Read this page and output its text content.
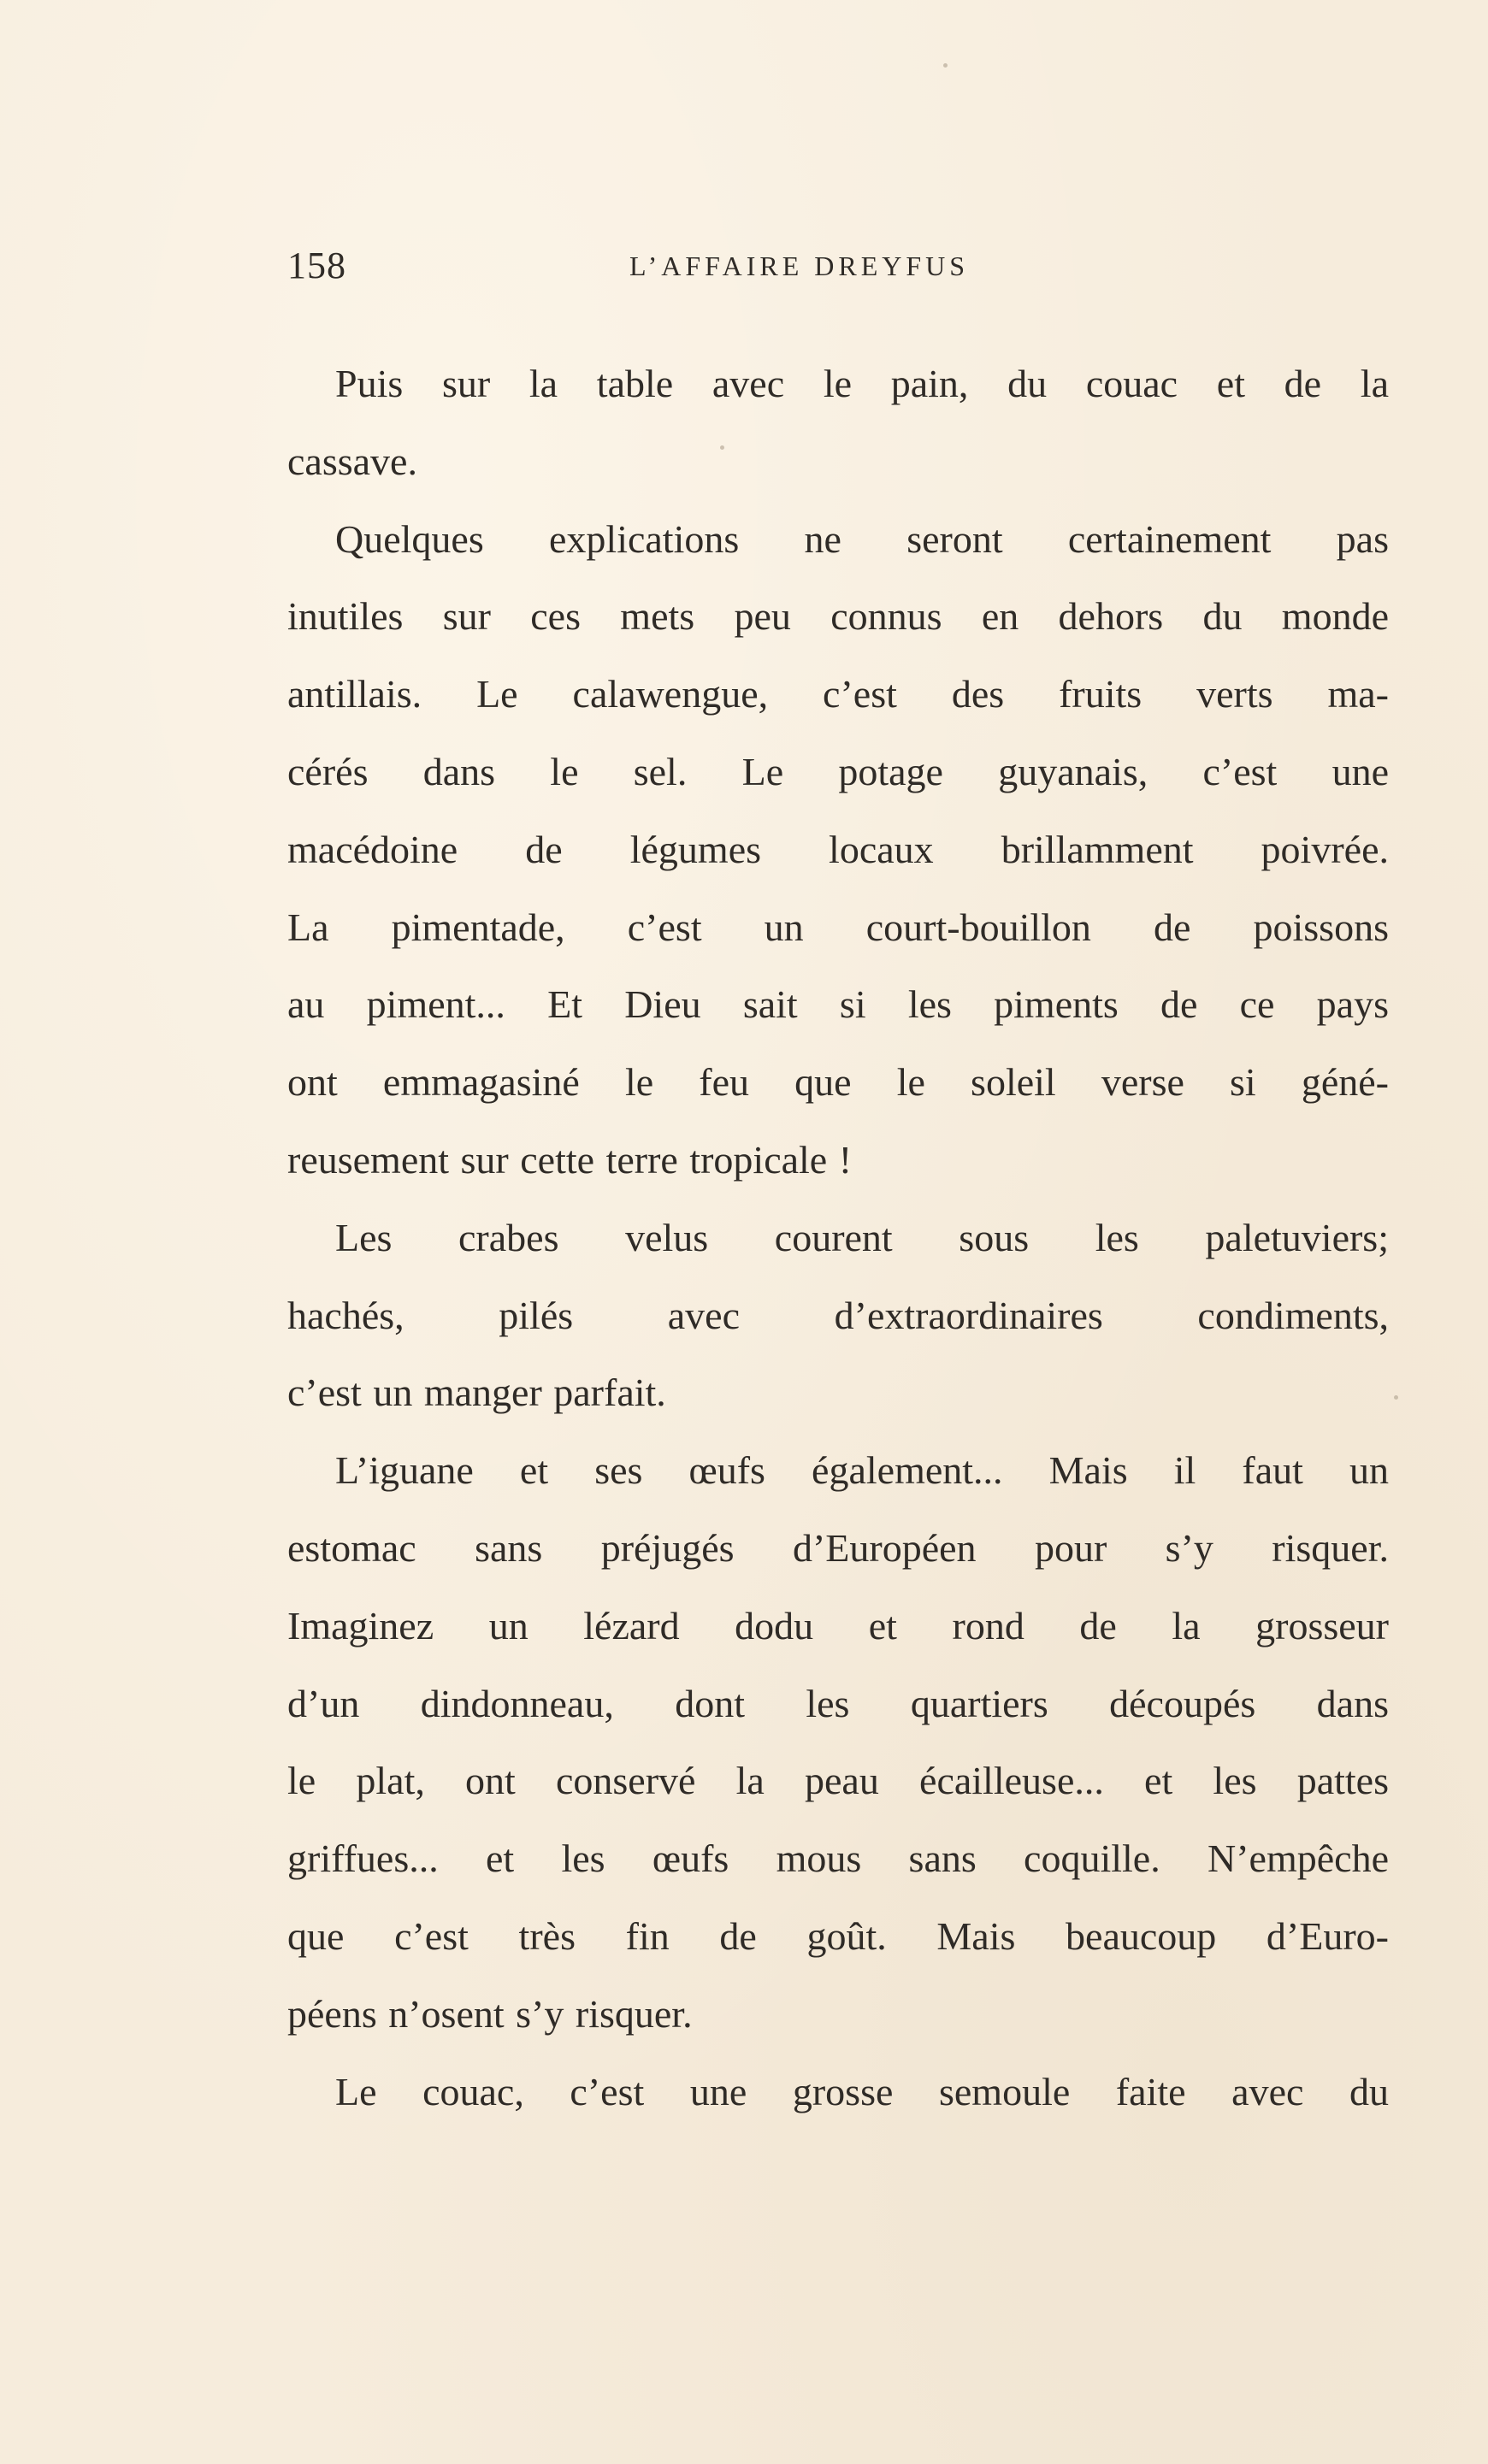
158	L’AFFAIRE DREYFUS
Puis sur la table avec le pain, du couac et de la
cassave.
Quelques explications ne seront certainement pas
inutiles sur ces mets peu connus en dehors du monde
antillais. Le calawengue, c’est des fruits verts ma-
cérés dans le sel. Le potage guyanais, c’est une
macédoine de légumes locaux brillamment poivrée.
La pimentade, c’est un court-bouillon de poissons
au piment... Et Dieu sait si les piments de ce pays
ont emmagasiné le feu que le soleil verse si géné-
reusement sur cette terre tropicale !
Les crabes velus courent sous les paletuviers;
hachés, pilés avec d’extraordinaires condiments,
c’est un manger parfait.
L’iguane et ses œufs également... Mais il faut un
estomac sans préjugés d’Européen pour s’y risquer.
Imaginez un lézard dodu et rond de la grosseur
d’un dindonneau, dont les quartiers découpés dans
le plat, ont conservé la peau écailleuse... et les pattes
griffues... et les œufs mous sans coquille. N’empêche
que c’est très fin de goût. Mais beaucoup d’Euro-
péens n’osent s’y risquer.
Le couac, c’est une grosse semoule faite avec du
